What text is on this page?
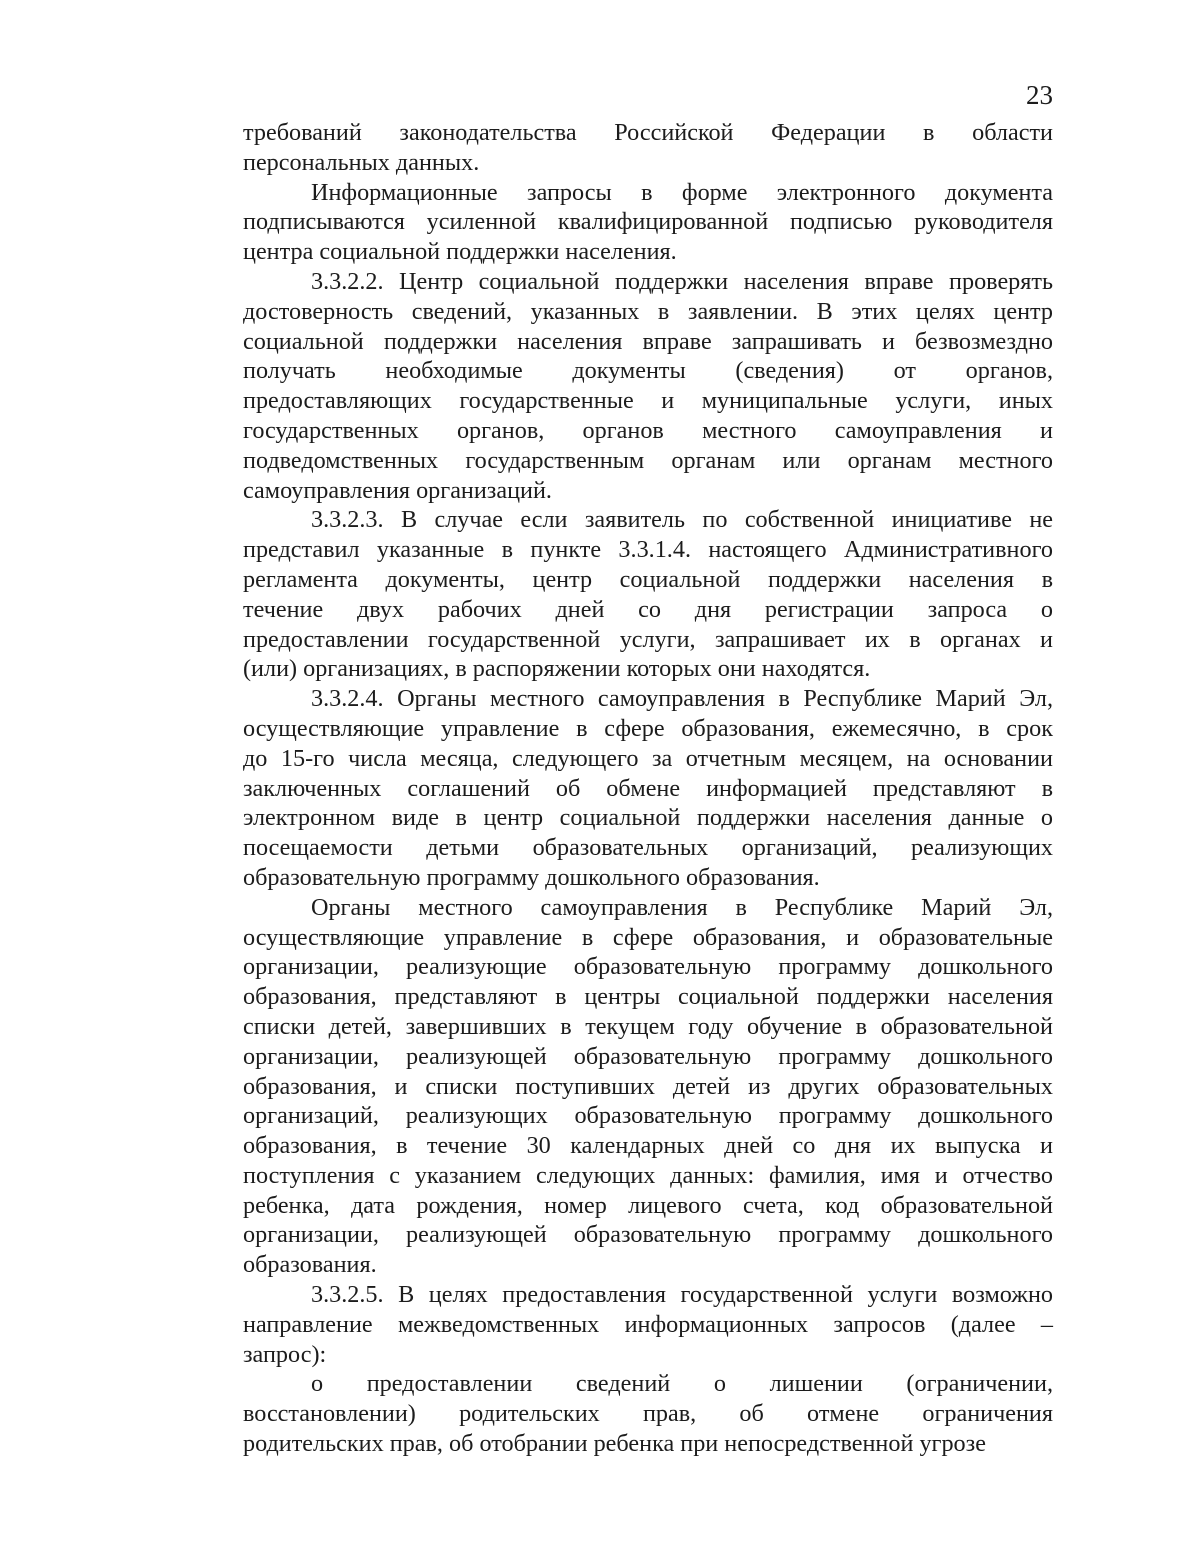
23
требований законодательства Российской Федерации в области
персональных данных.
Информационные запросы в форме электронного документа
подписываются усиленной квалифицированной подписью руководителя
центра социальной поддержки населения.
3.3.2.2. Центр социальной поддержки населения вправе проверять
достоверность сведений, указанных в заявлении. В этих целях центр
социальной поддержки населения вправе запрашивать и безвозмездно
получать необходимые документы (сведения) от органов,
предоставляющих государственные и муниципальные услуги, иных
государственных органов, органов местного самоуправления и
подведомственных государственным органам или органам местного
самоуправления организаций.
3.3.2.3. В случае если заявитель по собственной инициативе не
представил указанные в пункте 3.3.1.4. настоящего Административного
регламента документы, центр социальной поддержки населения в
течение двух рабочих дней со дня регистрации запроса о
предоставлении государственной услуги, запрашивает их в органах и
(или) организациях, в распоряжении которых они находятся.
3.3.2.4. Органы местного самоуправления в Республике Марий Эл,
осуществляющие управление в сфере образования, ежемесячно, в срок
до 15-го числа месяца, следующего за отчетным месяцем, на основании
заключенных соглашений об обмене информацией представляют в
электронном виде в центр социальной поддержки населения данные о
посещаемости детьми образовательных организаций, реализующих
образовательную программу дошкольного образования.
Органы местного самоуправления в Республике Марий Эл,
осуществляющие управление в сфере образования, и образовательные
организации, реализующие образовательную программу дошкольного
образования, представляют в центры социальной поддержки населения
списки детей, завершивших в текущем году обучение в образовательной
организации, реализующей образовательную программу дошкольного
образования, и списки поступивших детей из других образовательных
организаций, реализующих образовательную программу дошкольного
образования, в течение 30 календарных дней со дня их выпуска и
поступления с указанием следующих данных: фамилия, имя и отчество
ребенка, дата рождения, номер лицевого счета, код образовательной
организации, реализующей образовательную программу дошкольного
образования.
3.3.2.5. В целях предоставления государственной услуги возможно
направление межведомственных информационных запросов (далее –
запрос):
о предоставлении сведений о лишении (ограничении,
восстановлении) родительских прав, об отмене ограничения
родительских прав, об отобрании ребенка при непосредственной угрозе
